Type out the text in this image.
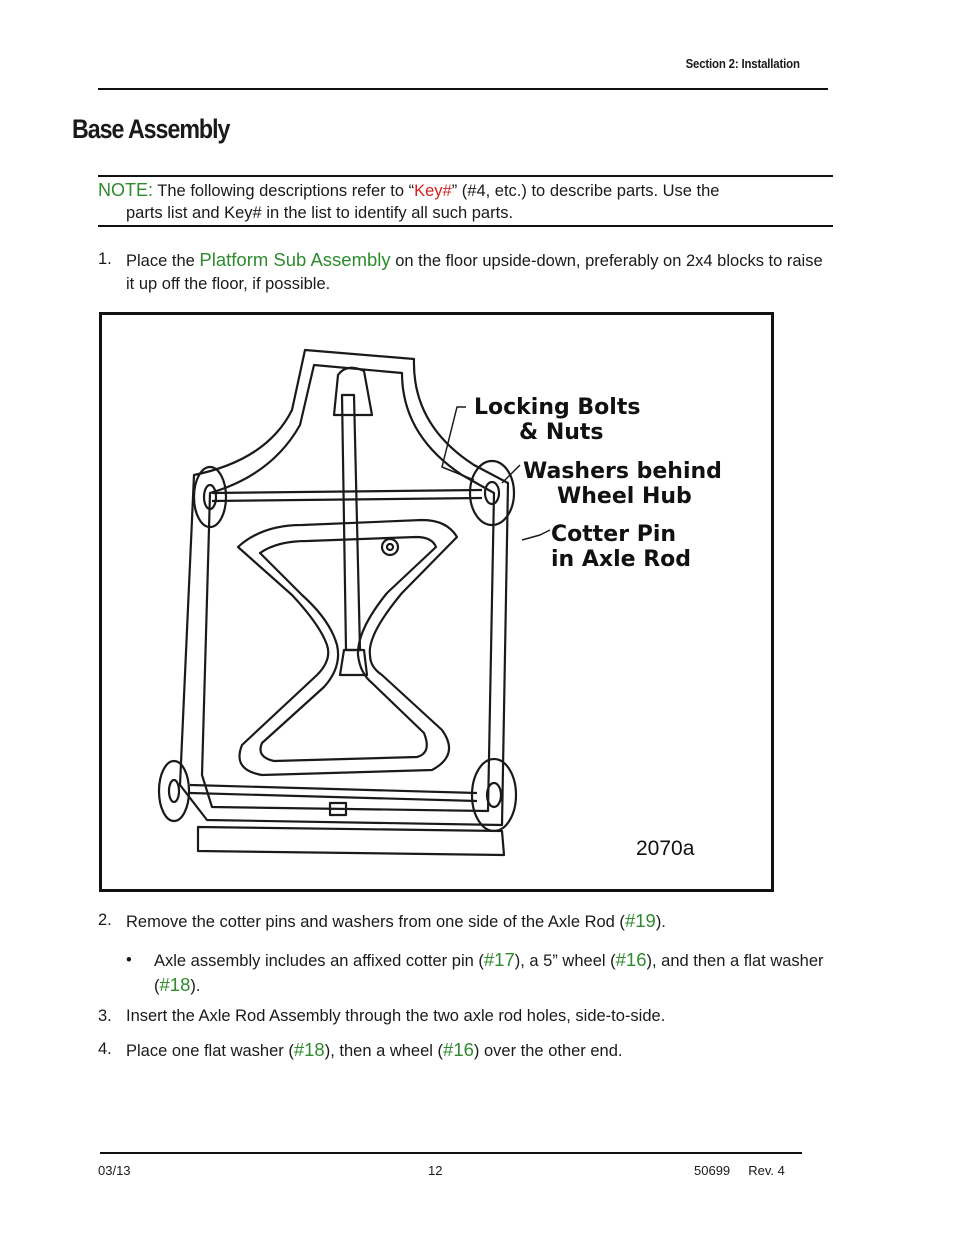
Section 2: Installation
Base Assembly
NOTE: The following descriptions refer to “Key#” (#4, etc.) to describe parts. Use the
parts list and Key# in the list to identify all such parts.
1. Place the Platform Sub Assembly on the floor upside-down, preferably on 2x4 blocks to raise it up off the floor, if possible.
Locking Bolts
& Nuts
Washers behind
Wheel Hub
Cotter Pin
in Axle Rod
2070a
2. Remove the cotter pins and washers from one side of the Axle Rod (#19).
•	Axle assembly includes an affixed cotter pin (#17), a 5” wheel (#16), and then a flat washer (#18).
3. Insert the Axle Rod Assembly through the two axle rod holes, side-to-side.
4. Place one flat washer (#18), then a wheel (#16) over the other end.
03/13	12	50699     Rev. 4
